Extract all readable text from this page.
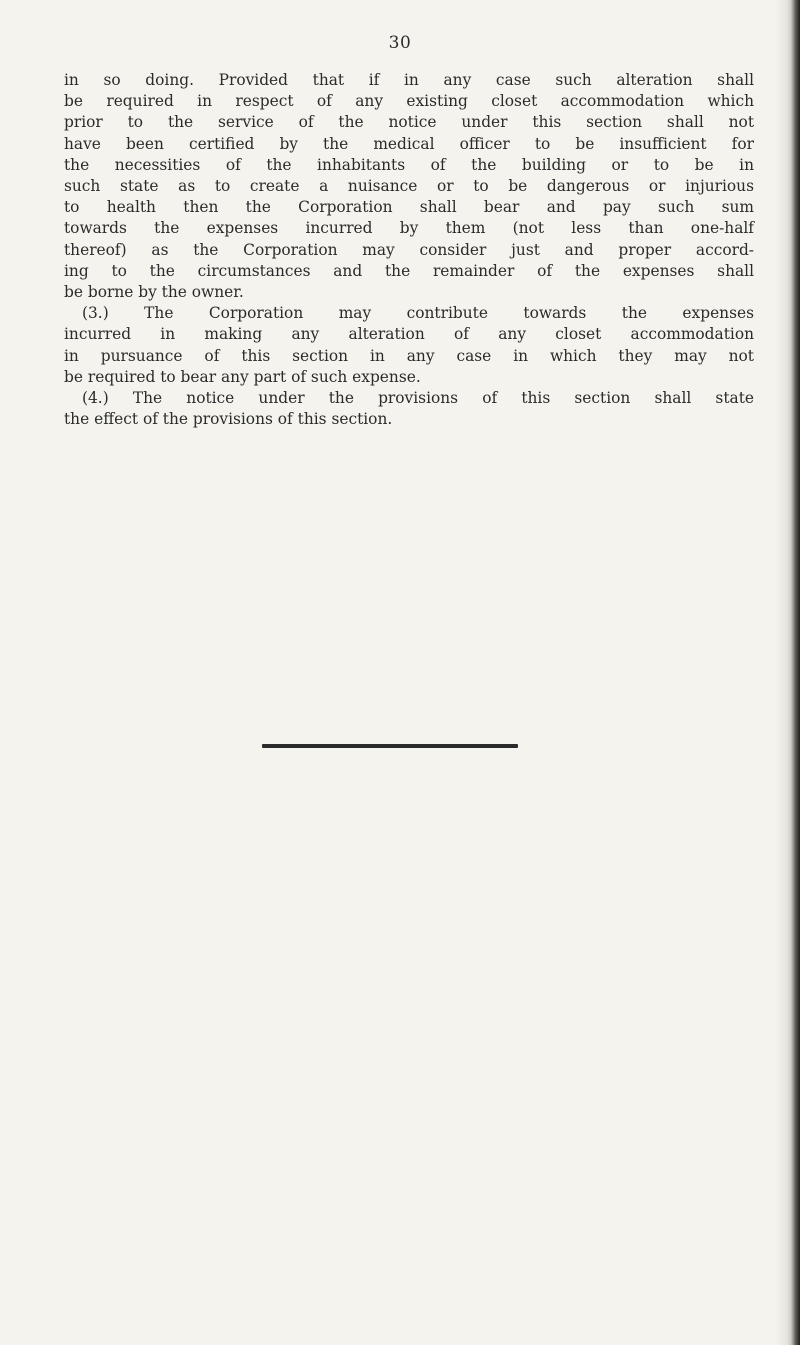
30
in so doing. Provided that if in any case such alteration shall
be required in respect of any existing closet accommodation which
prior to the service of the notice under this section shall not
have been certified by the medical officer to be insufficient for
the necessities of the inhabitants of the building or to be in
such state as to create a nuisance or to be dangerous or injurious
to health then the Corporation shall bear and pay such sum
towards the expenses incurred by them (not less than one-half
thereof) as the Corporation may consider just and proper accord-
ing to the circumstances and the remainder of the expenses shall
be borne by the owner.
(3.) The Corporation may contribute towards the expenses
incurred in making any alteration of any closet accommodation
in pursuance of this section in any case in which they may not
be required to bear any part of such expense.
(4.) The notice under the provisions of this section shall state
the effect of the provisions of this section.
